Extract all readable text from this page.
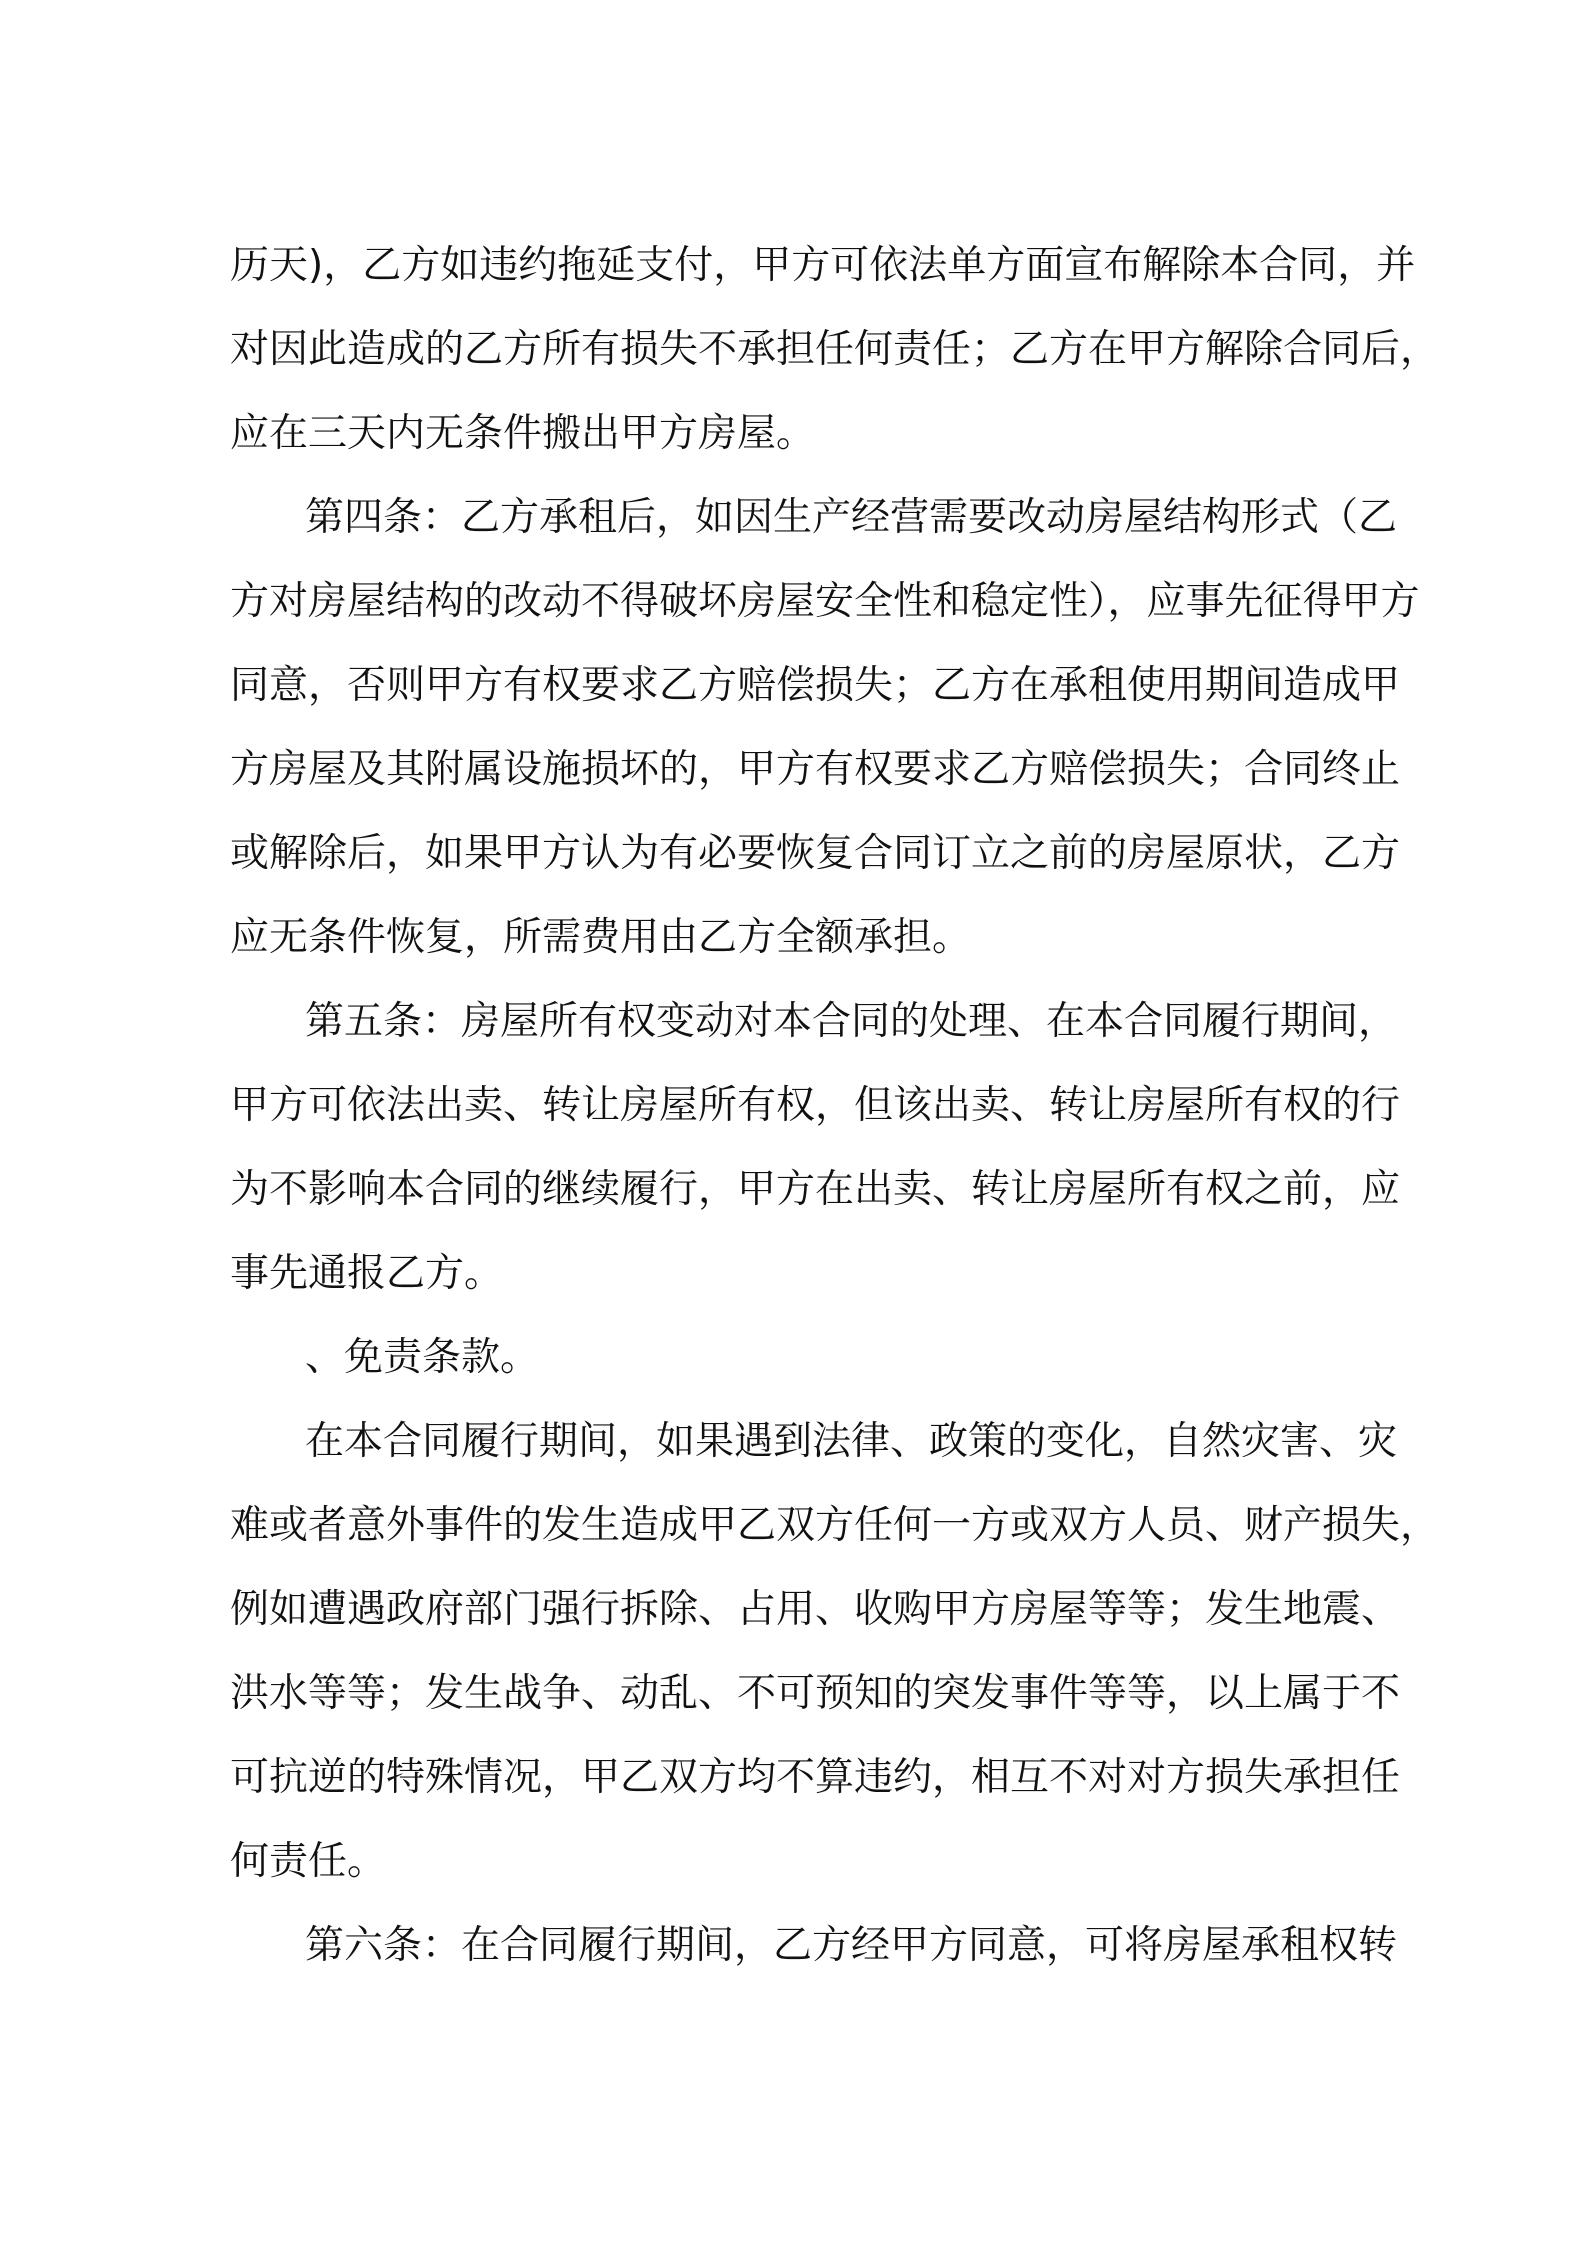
历天)，乙方如违约拖延支付，甲方可依法单方面宣布解除本合同，并
对因此造成的乙方所有损失不承担任何责任；乙方在甲方解除合同后，
应在三天内无条件搬出甲方房屋。
第四条：乙方承租后，如因生产经营需要改动房屋结构形式（乙
方对房屋结构的改动不得破坏房屋安全性和稳定性），应事先征得甲方
同意，否则甲方有权要求乙方赔偿损失；乙方在承租使用期间造成甲
方房屋及其附属设施损坏的，甲方有权要求乙方赔偿损失；合同终止
或解除后，如果甲方认为有必要恢复合同订立之前的房屋原状，乙方
应无条件恢复，所需费用由乙方全额承担。
第五条：房屋所有权变动对本合同的处理、在本合同履行期间，
甲方可依法出卖、转让房屋所有权，但该出卖、转让房屋所有权的行
为不影响本合同的继续履行，甲方在出卖、转让房屋所有权之前，应
事先通报乙方。
、免责条款。
在本合同履行期间，如果遇到法律、政策的变化，自然灾害、灾
难或者意外事件的发生造成甲乙双方任何一方或双方人员、财产损失，
例如遭遇政府部门强行拆除、占用、收购甲方房屋等等；发生地震、
洪水等等；发生战争、动乱、不可预知的突发事件等等，以上属于不
可抗逆的特殊情况，甲乙双方均不算违约，相互不对对方损失承担任
何责任。
第六条：在合同履行期间，乙方经甲方同意，可将房屋承租权转
